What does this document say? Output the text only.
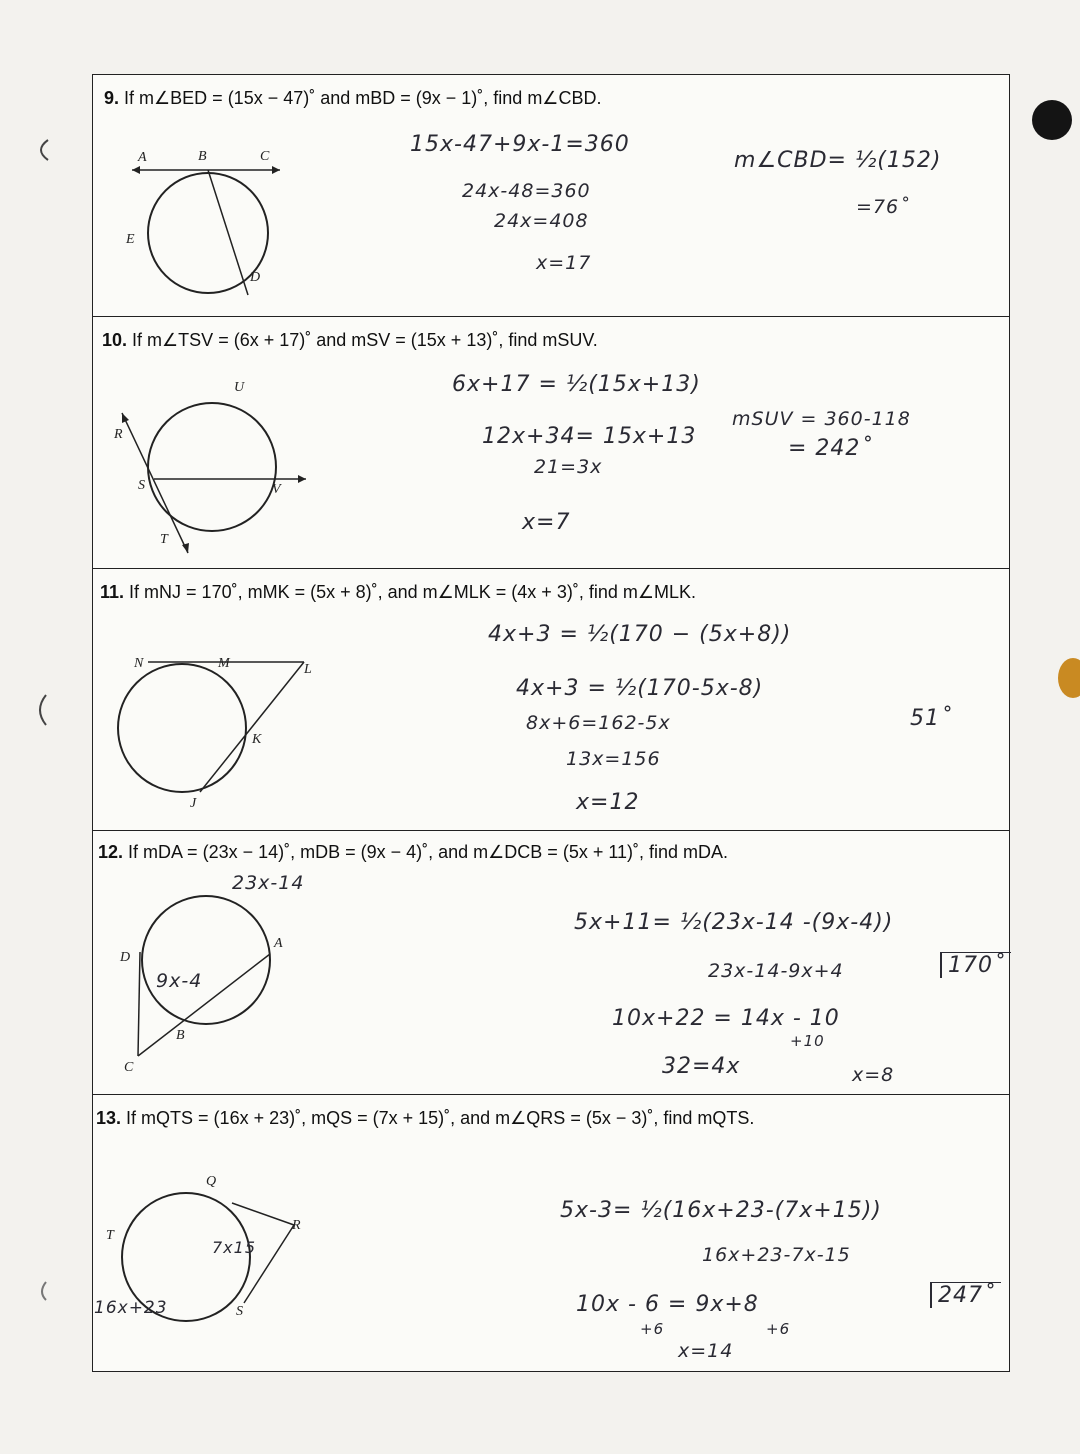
9. If m∠BED = (15x − 47)˚ and mBD = (9x − 1)˚, find m∠CBD.
A	B	C
E
D
15x-47+9x-1=360
24x-48=360
24x=408
x=17
m∠CBD= ½(152)
=76˚
10. If m∠TSV = (6x + 17)˚ and mSV = (15x + 13)˚, find mSUV.
U
R
S	V
T
6x+17 = ½(15x+13)
12x+34= 15x+13
21=3x
x=7
mSUV = 360-118
= 242˚
11. If mNJ = 170˚, mMK = (5x + 8)˚, and m∠MLK = (4x + 3)˚, find m∠MLK.
N	M	L
K
J
4x+3 = ½(170 − (5x+8))
4x+3 = ½(170-5x-8)
8x+6=162-5x
13x=156
x=12
51˚
12. If mDA = (23x − 14)˚, mDB = (9x − 4)˚, and m∠DCB = (5x + 11)˚, find mDA.
23x-14
D
A
B
C
9x-4
5x+11= ½(23x-14 -(9x-4))
23x-14-9x+4
10x+22 = 14x - 10
+10
32=4x	x=8
170˚
13. If mQTS = (16x + 23)˚, mQS = (7x + 15)˚, and m∠QRS = (5x − 3)˚, find mQTS.
Q
T
R
S
7x15
16x+23
5x-3= ½(16x+23-(7x+15))
16x+23-7x-15
10x - 6 = 9x+8
+6	+6
x=14
247˚
